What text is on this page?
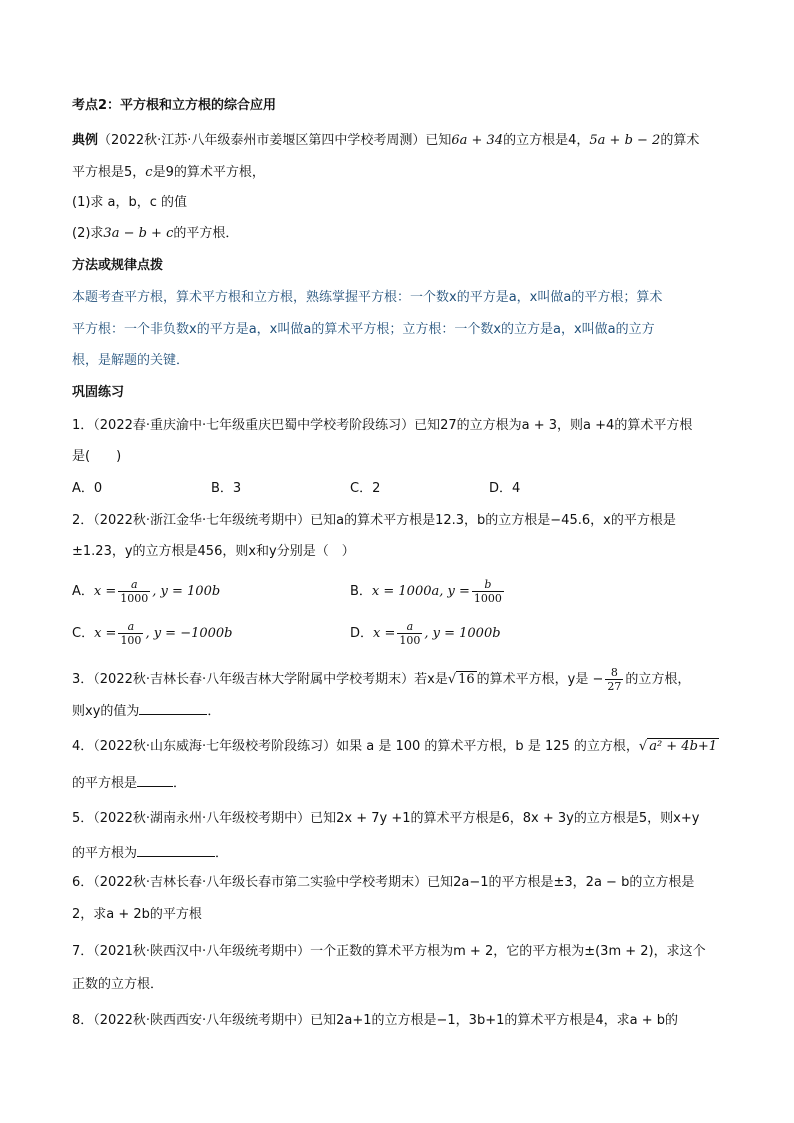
考点2：平方根和立方根的综合应用
典例（2022秋·江苏·八年级泰州市姜堰区第四中学校考周测）已知6a + 34的立方根是4，5a + b − 2的算术
平方根是5，c是9的算术平方根，
(1)求 a，b，c 的值
(2)求3a − b + c的平方根．
方法或规律点拨
本题考查平方根，算术平方根和立方根，熟练掌握平方根：一个数x的平方是a，x叫做a的平方根；算术
平方根：一个非负数x的平方是a，x叫做a的算术平方根；立方根：一个数x的立方是a，x叫做a的立方
根，是解题的关键．
巩固练习
1．（2022春·重庆渝中·七年级重庆巴蜀中学校考阶段练习）已知27的立方根为a + 3，则a +4的算术平方根
是(　　)
A．0	B．3	C．2	D．4
2．（2022秋·浙江金华·七年级统考期中）已知a的算术平方根是12.3，b的立方根是−45.6，x的平方根是
±1.23，y的立方根是456，则x和y分别是（　）
A．$x = \frac{a}{1000}$ , y = 100b	B．x = 1000a, $y = \frac{b}{1000}$
C．$x = \frac{a}{100}$ , y = −1000b	D．$x = \frac{a}{100}$ , y = 1000b
3．（2022秋·吉林长春·八年级吉林大学附属中学校考期末）若x是√ 16 的算术平方根，y是 − $\frac{8}{27}$ 的立方根，
则xy的值为	．
4．（2022秋·山东威海·七年级校考阶段练习）如果 a 是 100 的算术平方根，b 是 125 的立方根，√ a² + 4b+1
的平方根是	．
5．（2022秋·湖南永州·八年级校考期中）已知2x + 7y +1的算术平方根是6，8x + 3y的立方根是5，则x+y
的平方根为	．
6．（2022秋·吉林长春·八年级长春市第二实验中学校考期末）已知2a−1的平方根是±3，2a − b的立方根是
2，求a + 2b的平方根
7．（2021秋·陕西汉中·八年级统考期中）一个正数的算术平方根为m + 2，它的平方根为±(3m + 2)，求这个
正数的立方根．
8．（2022秋·陕西西安·八年级统考期中）已知2a+1的立方根是−1，3b+1的算术平方根是4，求a + b的
